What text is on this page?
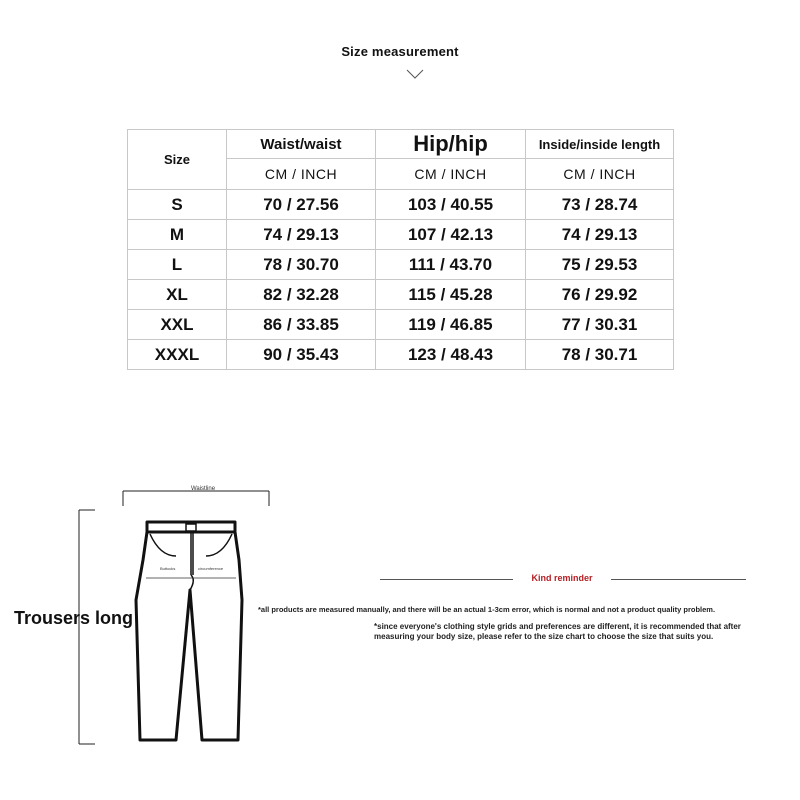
Size measurement
Size	Waist/waist	Hip/hip	Inside/inside length
	CM / INCH	CM / INCH	CM / INCH
S	70 / 27.56	103 / 40.55	73 / 28.74
M	74 / 29.13	107 / 42.13	74 / 29.13
L	78 / 30.70	111 / 43.70	75 / 29.53
XL	82 / 32.28	115 / 45.28	76 / 29.92
XXL	86 / 33.85	119 / 46.85	77 / 30.31
XXXL	90 / 35.43	123 / 48.43	78 / 30.71
Waistline
Buttocks	circumference
Trousers long
Kind reminder
*all products are measured manually, and there will be an actual 1-3cm error, which is normal and not a product quality problem.
*since everyone's clothing style grids and preferences are different, it is recommended that after measuring your body size, please refer to the size chart to choose the size that suits you.
